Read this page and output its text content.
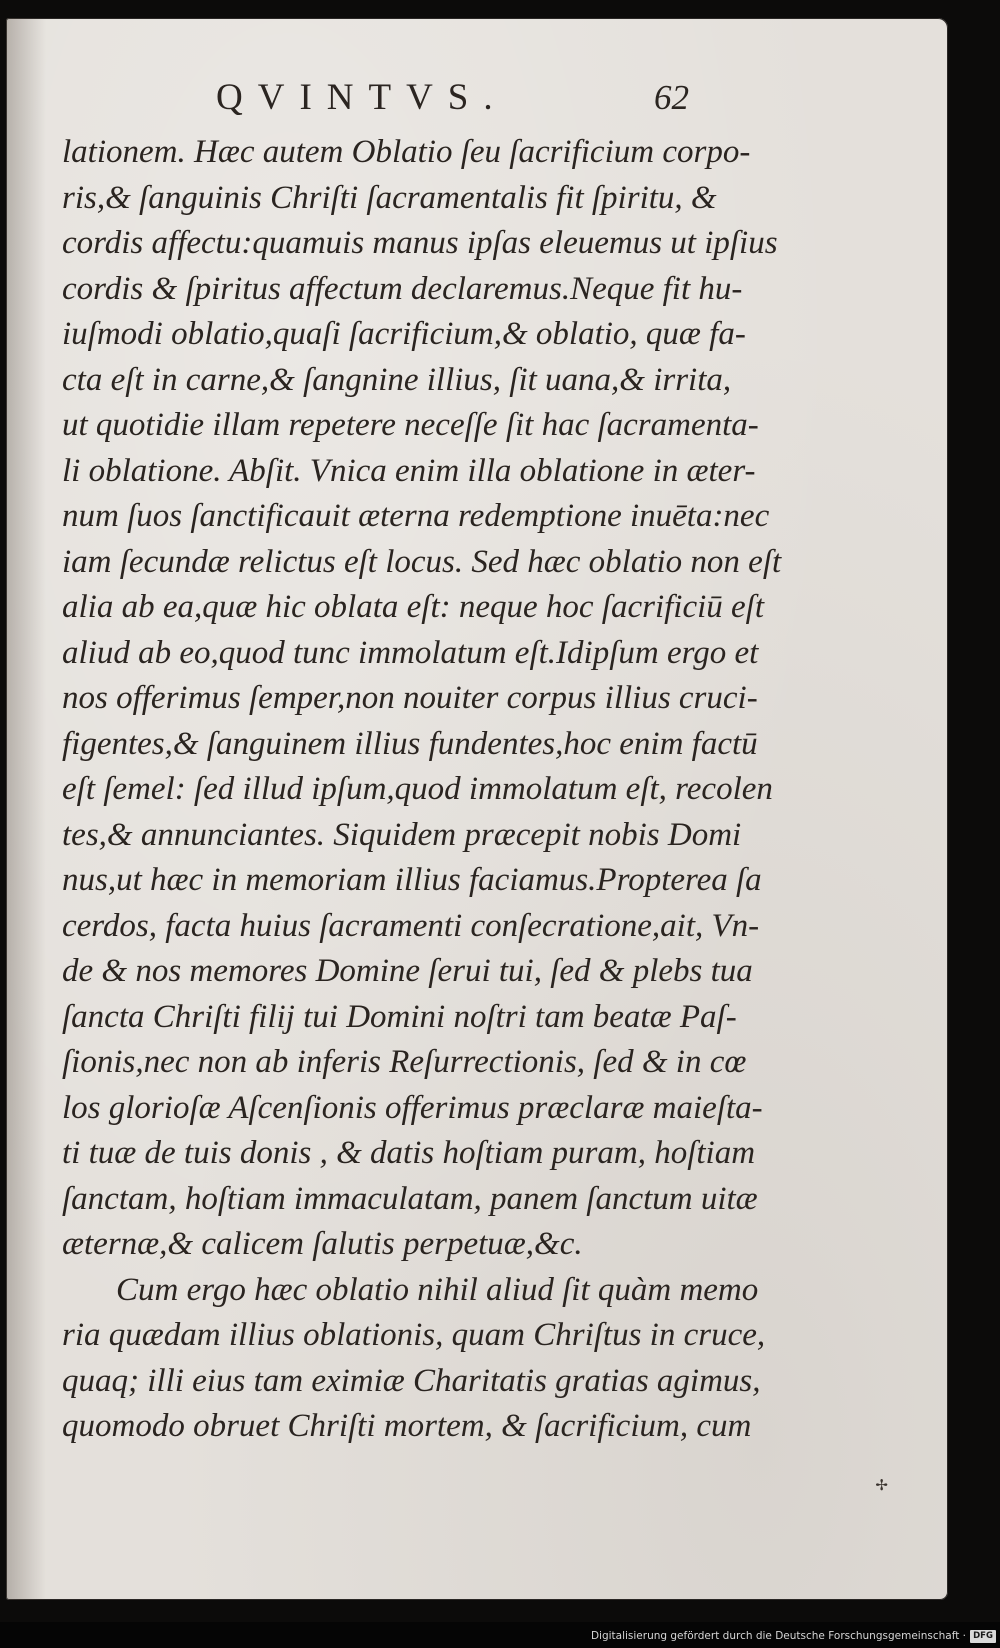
QVINTVS.	62
lationem. Hæc autem Oblatio ſeu ſacrificium corpo-
ris,& ſanguinis Chriſti ſacramentalis fit ſpiritu, &
cordis affectu:quamuis manus ipſas eleuemus ut ipſius
cordis & ſpiritus affectum declaremus.Neque fit hu-
iuſmodi oblatio,quaſi ſacrificium,& oblatio, quæ fa-
cta eſt in carne,& ſangnine illius, ſit uana,& irrita,
ut quotidie illam repetere neceſſe ſit hac ſacramenta-
li oblatione. Abſit. Vnica enim illa oblatione in æter-
num ſuos ſanctificauit æterna redemptione inuēta:nec
iam ſecundæ relictus eſt locus. Sed hæc oblatio non eſt
alia ab ea,quæ hic oblata eſt: neque hoc ſacrificiū eſt
aliud ab eo,quod tunc immolatum eſt.Idipſum ergo et
nos offerimus ſemper,non nouiter corpus illius cruci-
figentes,& ſanguinem illius fundentes,hoc enim factū
eſt ſemel: ſed illud ipſum,quod immolatum eſt, recolen
tes,& annunciantes. Siquidem præcepit nobis Domi
nus,ut hæc in memoriam illius faciamus.Propterea ſa
cerdos, facta huius ſacramenti conſecratione,ait, Vn-
de & nos memores Domine ſerui tui, ſed & plebs tua
ſancta Chriſti filij tui Domini noſtri tam beatæ Paſ-
ſionis,nec non ab inferis Reſurrectionis, ſed & in cœ
los glorioſæ Aſcenſionis offerimus præclaræ maieſta-
ti tuæ de tuis donis , & datis hoſtiam puram, hoſtiam
ſanctam, hoſtiam immaculatam, panem ſanctum uitæ
æternæ,& calicem ſalutis perpetuæ,&c.
Cum ergo hæc oblatio nihil aliud ſit quàm memo
ria quædam illius oblationis, quam Chriſtus in cruce,
quaq; illi eius tam eximiæ Charitatis gratias agimus,
quomodo obruet Chriſti mortem, & ſacrificium, cum
✢
Digitalisierung gefördert durch die Deutsche Forschungsgemeinschaft · DFG
